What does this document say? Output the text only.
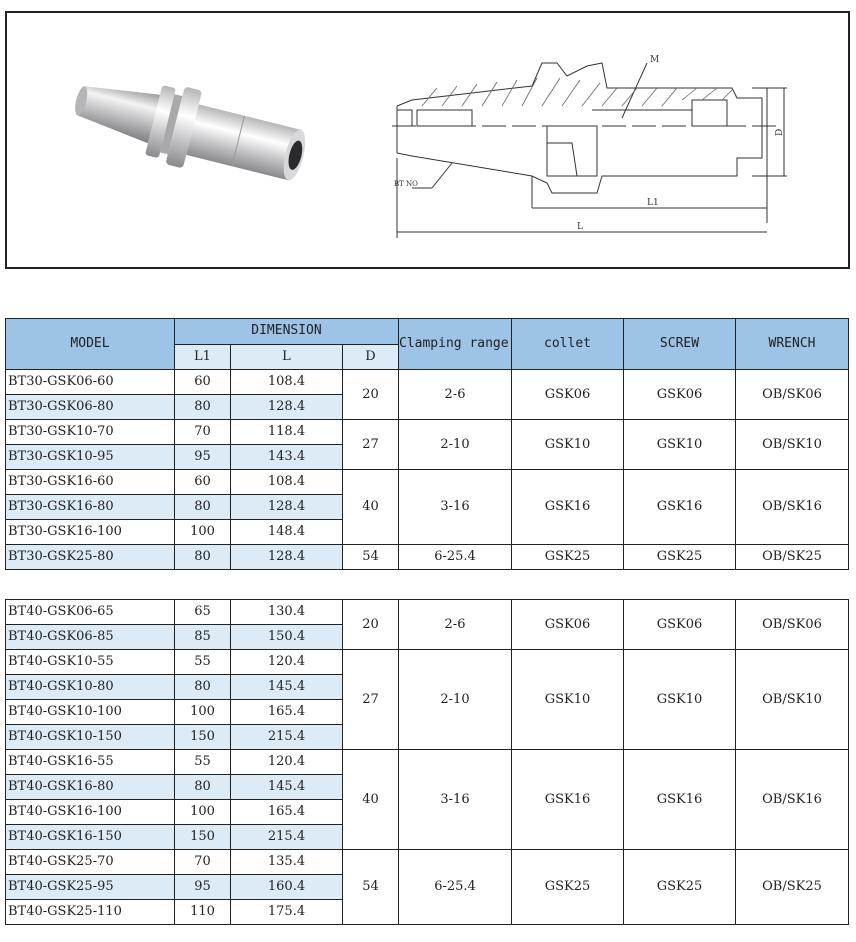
M
D
L1
L
BT NO
MODEL	DIMENSION			Clamping range	collet	SCREW	WRENCH
	L1	L	D				
BT30-GSK06-60	60	108.4	20	2-6	GSK06	GSK06	OB/SK06
BT30-GSK06-80	80	128.4					
BT30-GSK10-70	70	118.4	27	2-10	GSK10	GSK10	OB/SK10
BT30-GSK10-95	95	143.4					
BT30-GSK16-60	60	108.4	40	3-16	GSK16	GSK16	OB/SK16
BT30-GSK16-80	80	128.4					
BT30-GSK16-100	100	148.4					
BT30-GSK25-80	80	128.4	54	6-25.4	GSK25	GSK25	OB/SK25
BT40-GSK06-65	65	130.4	20	2-6	GSK06	GSK06	OB/SK06
BT40-GSK06-85	85	150.4					
BT40-GSK10-55	55	120.4	27	2-10	GSK10	GSK10	OB/SK10
BT40-GSK10-80	80	145.4					
BT40-GSK10-100	100	165.4					
BT40-GSK10-150	150	215.4					
BT40-GSK16-55	55	120.4	40	3-16	GSK16	GSK16	OB/SK16
BT40-GSK16-80	80	145.4					
BT40-GSK16-100	100	165.4					
BT40-GSK16-150	150	215.4					
BT40-GSK25-70	70	135.4	54	6-25.4	GSK25	GSK25	OB/SK25
BT40-GSK25-95	95	160.4					
BT40-GSK25-110	110	175.4					
